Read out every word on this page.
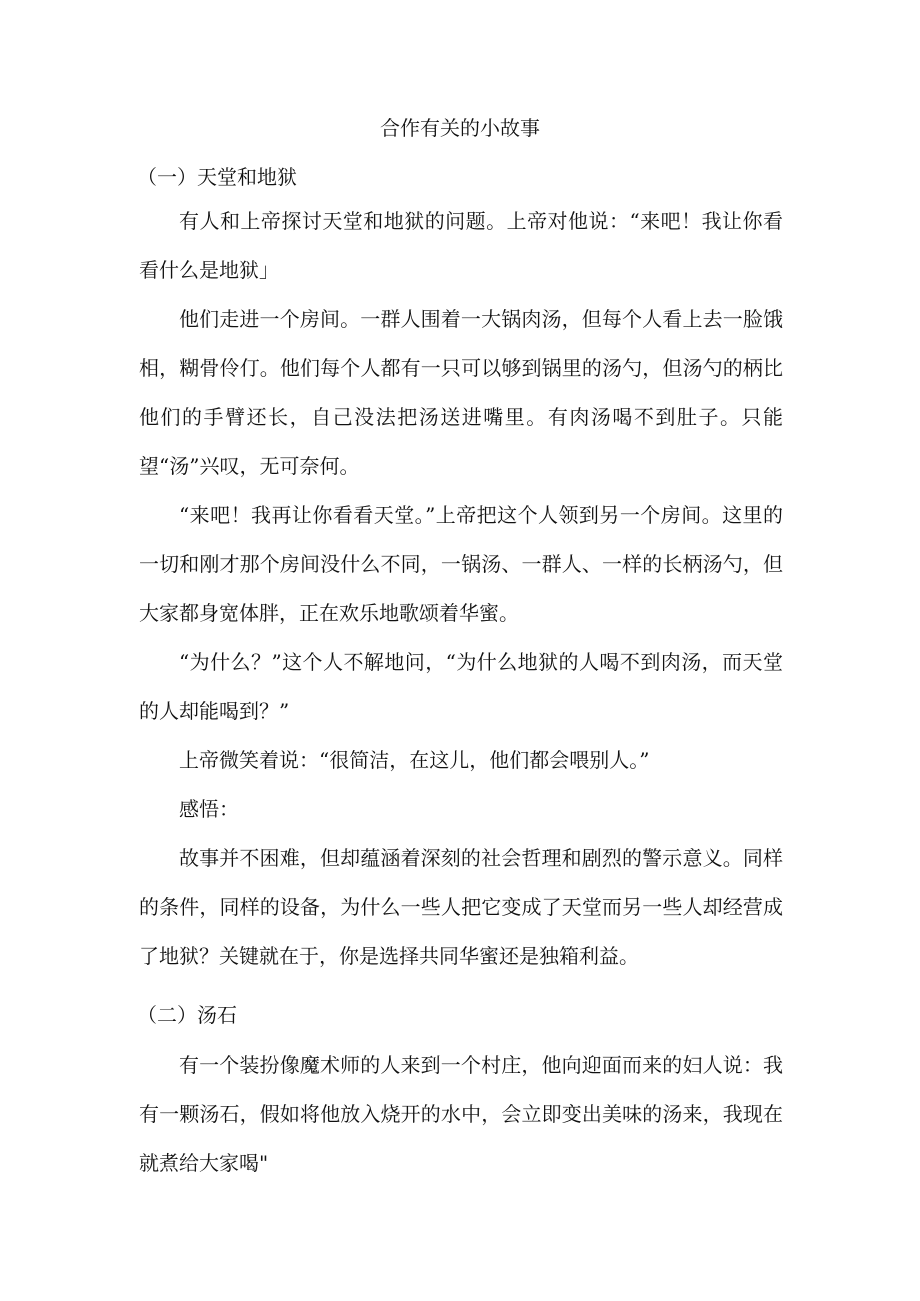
合作有关的小故事
（一）天堂和地狱

有人和上帝探讨天堂和地狱的问题。上帝对他说：“来吧！我让你看看什么是地狱」

他们走进一个房间。一群人围着一大锅肉汤，但每个人看上去一脸饿相，糊骨伶仃。他们每个人都有一只可以够到锅里的汤勺，但汤勺的柄比他们的手臂还长，自己没法把汤送进嘴里。有肉汤喝不到肚子。只能望“汤”兴叹，无可奈何。

“来吧！我再让你看看天堂。”上帝把这个人领到另一个房间。这里的一切和刚才那个房间没什么不同，一锅汤、一群人、一样的长柄汤勺，但大家都身宽体胖，正在欢乐地歌颂着华蜜。

“为什么？”这个人不解地问，“为什么地狱的人喝不到肉汤，而天堂的人却能喝到？”

上帝微笑着说：“很简洁，在这儿，他们都会喂别人。”

感悟：

故事并不困难，但却蕴涵着深刻的社会哲理和剧烈的警示意义。同样的条件，同样的设备，为什么一些人把它变成了天堂而另一些人却经营成了地狱？关键就在于，你是选择共同华蜜还是独箱利益。

（二）汤石

有一个装扮像魔术师的人来到一个村庄，他向迎面而来的妇人说：我有一颗汤石，假如将他放入烧开的水中，会立即变出美味的汤来，我现在就煮给大家喝"
